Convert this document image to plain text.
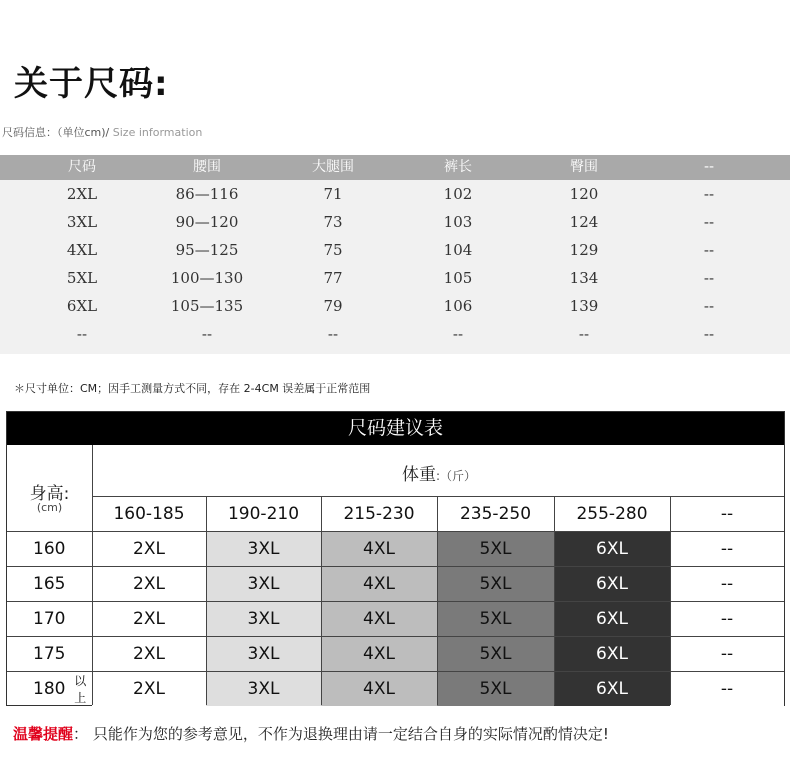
关于尺码:
尺码信息：（单位cm)/ Size information
尺码	腰围	大腿围	裤长	臀围	--
2XL	86—116	71	102	120	--
3XL	90—120	73	103	124	--
4XL	95—125	75	104	129	--
5XL	100—130	77	105	134	--
6XL	105—135	79	106	139	--
--	--	--	--	--	--
＊尺寸单位：CM；因手工测量方式不同，存在 2-4CM 误差属于正常范围
尺码建议表
身高:
(cm)
体重:（斤）
160-185	190-210	215-230	235-250	255-280	--
160	2XL	3XL	4XL	5XL	6XL	--
165	2XL	3XL	4XL	5XL	6XL	--
170	2XL	3XL	4XL	5XL	6XL	--
175	2XL	3XL	4XL	5XL	6XL	--
180 以上	2XL	3XL	4XL	5XL	6XL	--
温馨提醒： 只能作为您的参考意见，不作为退换理由请一定结合自身的实际情况酌情决定!
